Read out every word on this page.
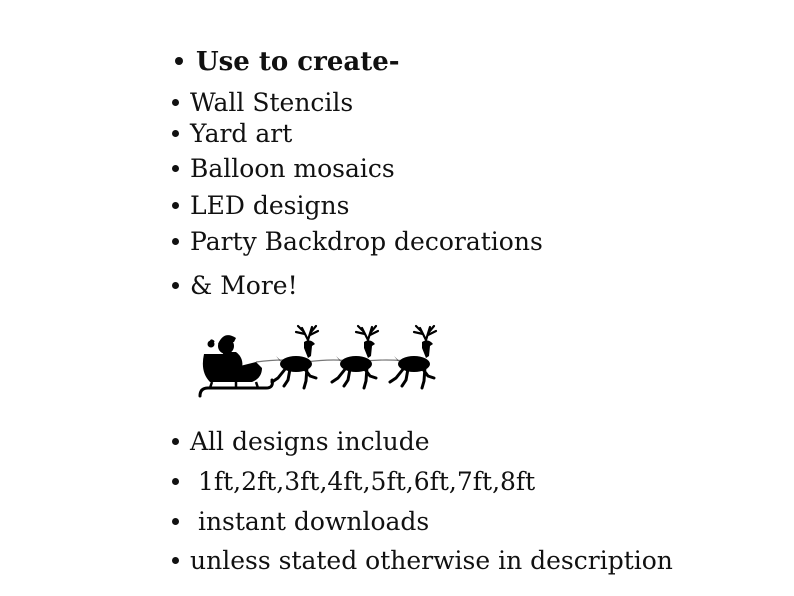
Use to create-
Wall Stencils
Yard art
Balloon mosaics
LED designs
Party Backdrop decorations
& More!
All designs include
1ft,2ft,3ft,4ft,5ft,6ft,7ft,8ft
instant downloads
unless stated otherwise in description
